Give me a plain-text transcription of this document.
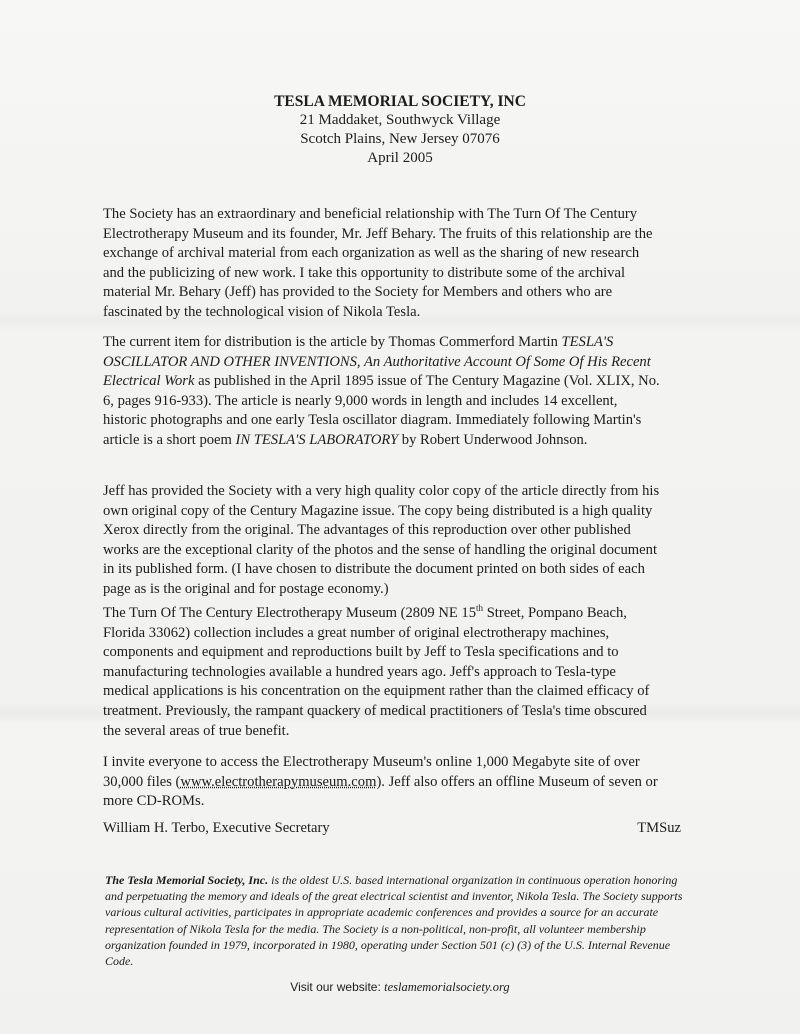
TESLA MEMORIAL SOCIETY, INC
21 Maddaket, Southwyck Village
Scotch Plains, New Jersey 07076
April 2005

The Society has an extraordinary and beneficial relationship with The Turn Of The Century Electrotherapy Museum and its founder, Mr. Jeff Behary. The fruits of this relationship are the exchange of archival material from each organization as well as the sharing of new research and the publicizing of new work. I take this opportunity to distribute some of the archival material Mr. Behary (Jeff) has provided to the Society for Members and others who are fascinated by the technological vision of Nikola Tesla.

The current item for distribution is the article by Thomas Commerford Martin TESLA'S OSCILLATOR AND OTHER INVENTIONS, An Authoritative Account Of Some Of His Recent Electrical Work as published in the April 1895 issue of The Century Magazine (Vol. XLIX, No. 6, pages 916-933). The article is nearly 9,000 words in length and includes 14 excellent, historic photographs and one early Tesla oscillator diagram. Immediately following Martin's article is a short poem IN TESLA'S LABORATORY by Robert Underwood Johnson.

Jeff has provided the Society with a very high quality color copy of the article directly from his own original copy of the Century Magazine issue. The copy being distributed is a high quality Xerox directly from the original. The advantages of this reproduction over other published works are the exceptional clarity of the photos and the sense of handling the original document in its published form. (I have chosen to distribute the document printed on both sides of each page as is the original and for postage economy.)

The Turn Of The Century Electrotherapy Museum (2809 NE 15th Street, Pompano Beach, Florida 33062) collection includes a great number of original electrotherapy machines, components and equipment and reproductions built by Jeff to Tesla specifications and to manufacturing technologies available a hundred years ago. Jeff's approach to Tesla-type medical applications is his concentration on the equipment rather than the claimed efficacy of treatment. Previously, the rampant quackery of medical practitioners of Tesla's time obscured the several areas of true benefit.

I invite everyone to access the Electrotherapy Museum's online 1,000 Megabyte site of over 30,000 files (www.electrotherapymuseum.com). Jeff also offers an offline Museum of seven or more CD-ROMs.

William H. Terbo, Executive Secretary	TMSuz
The Tesla Memorial Society, Inc. is the oldest U.S. based international organization in continuous operation honoring and perpetuating the memory and ideals of the great electrical scientist and inventor, Nikola Tesla. The Society supports various cultural activities, participates in appropriate academic conferences and provides a source for an accurate representation of Nikola Tesla for the media. The Society is a non-political, non-profit, all volunteer membership organization founded in 1979, incorporated in 1980, operating under Section 501 (c) (3) of the U.S. Internal Revenue Code.
Visit our website: teslamemorialsociety.org
